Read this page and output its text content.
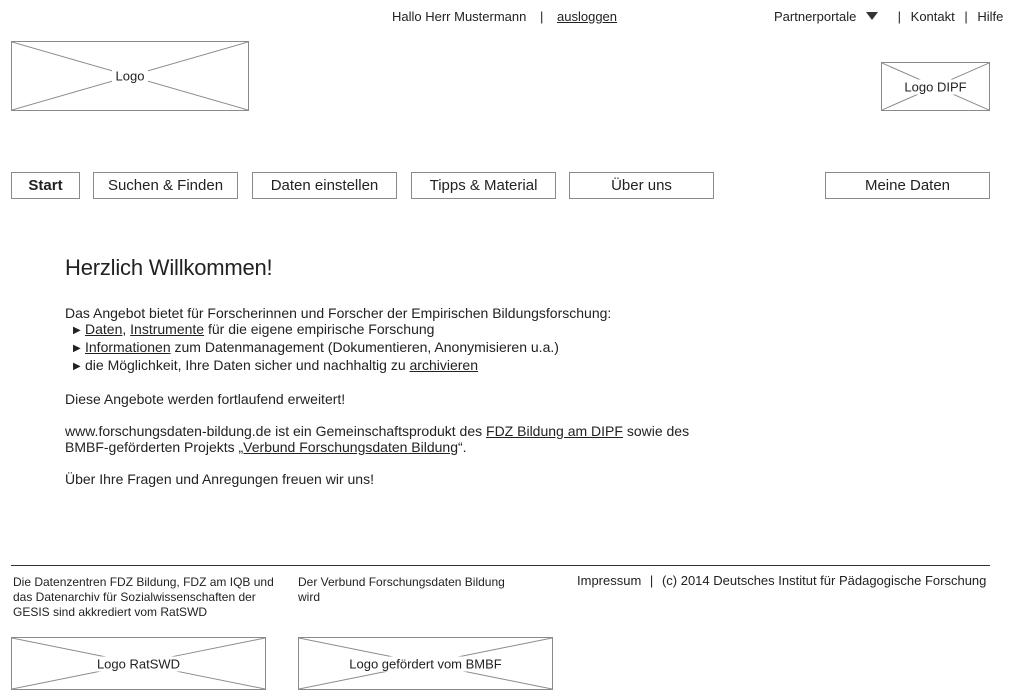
Hallo Herr Mustermann | ausloggen	Partnerportale	| Kontakt | Hilfe
Logo
Logo DIPF
Start	Suchen & Finden	Daten einstellen	Tipps & Material	Über uns	Meine Daten
Herzlich Willkommen!

Das Angebot bietet für Forscherinnen und Forscher der Empirischen Bildungsforschung:

▶ Daten, Instrumente für die eigene empirische Forschung
▶ Informationen zum Datenmanagement (Dokumentieren, Anonymisieren u.a.)
▶ die Möglichkeit, Ihre Daten sicher und nachhaltig zu archivieren

Diese Angebote werden fortlaufend erweitert!

www.forschungsdaten-bildung.de ist ein Gemeinschaftsprodukt des FDZ Bildung am DIPF sowie des

BMBF-geförderten Projekts „Verbund Forschungsdaten Bildung“.

Über Ihre Fragen und Anregungen freuen wir uns!

Die Datenzentren FDZ Bildung, FDZ am IQB und das Datenarchiv für Sozialwissenschaften der GESIS sind akkrediert vom RatSWD
Der Verbund Forschungsdaten Bildung wird
Impressum | (c) 2014 Deutsches Institut für Pädagogische Forschung
Logo RatSWD	Logo gefördert vom BMBF
